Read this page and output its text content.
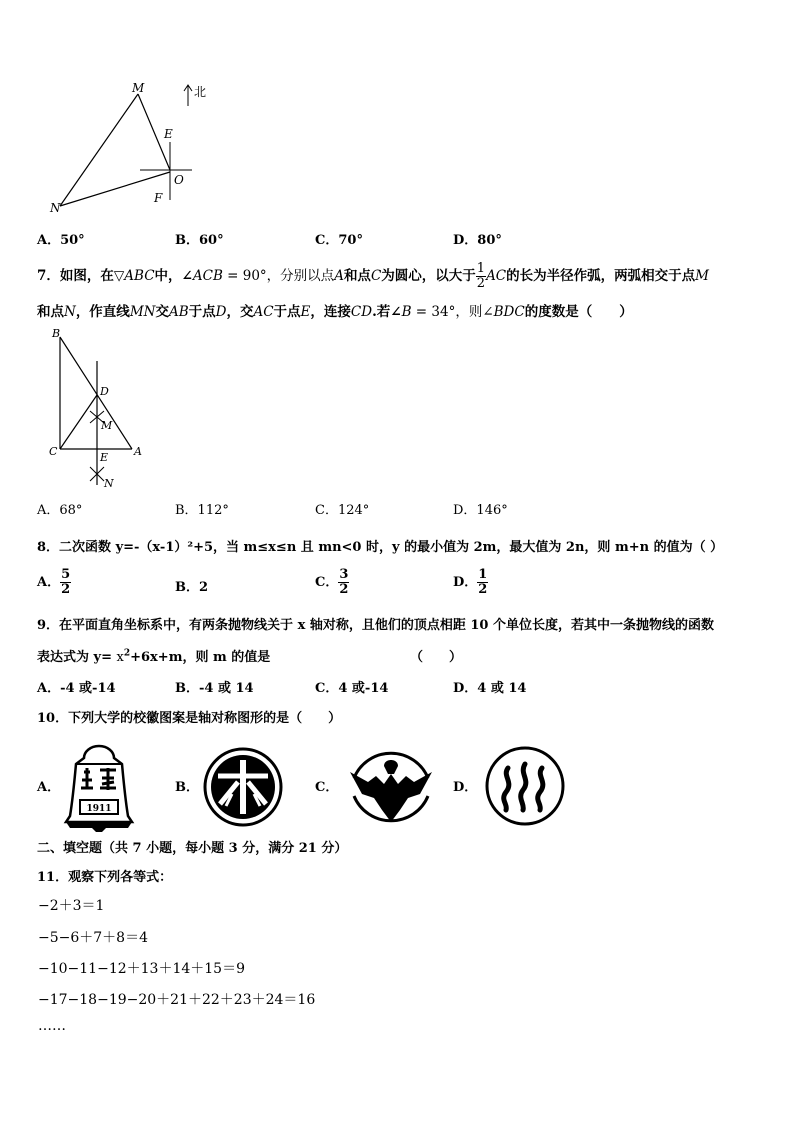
M
E
O
F
N
北
A．50°	B．60°	C．70°	D．80°
7．如图，在▽ABC中，∠ACB = 90°，分别以点A和点C为圆心，以大于 $\frac{1}{2}$ AC的长为半径作弧，两弧相交于点M
和点N，作直线MN交AB于点D，交AC于点E，连接CD.若∠B = 34°，则∠BDC的度数是（　　）
B
D
M
C	E A
N
A．68°	B．112°	C．124°	D．146°
8．二次函数 y=-（x-1）²+5，当 m≤x≤n 且 mn<0 时，y 的最小值为 2m，最大值为 2n，则 m+n 的值为（ ）
A． $\frac{5}{2}$	B．2	C． $\frac{3}{2}$	D． $\frac{1}{2}$
9．在平面直角坐标系中，有两条抛物线关于 x 轴对称，且他们的顶点相距 10 个单位长度，若其中一条抛物线的函数
表达式为 $y= x^2+6x+m$，则 m 的值是	（　　）
A．-4 或-14	B．-4 或 14	C．4 或-14	D．4 或 14
10．下列大学的校徽图案是轴对称图形的是（　　）
A．
1911
B．	C．	D．
二、填空题（共 7 小题，每小题 3 分，满分 21 分）
11．观察下列各等式：
−2＋3＝1
−5−6＋7＋8＝4
−10−11−12＋13＋14＋15＝9
−17−18−19−20＋21＋22＋23＋24＝16
……
